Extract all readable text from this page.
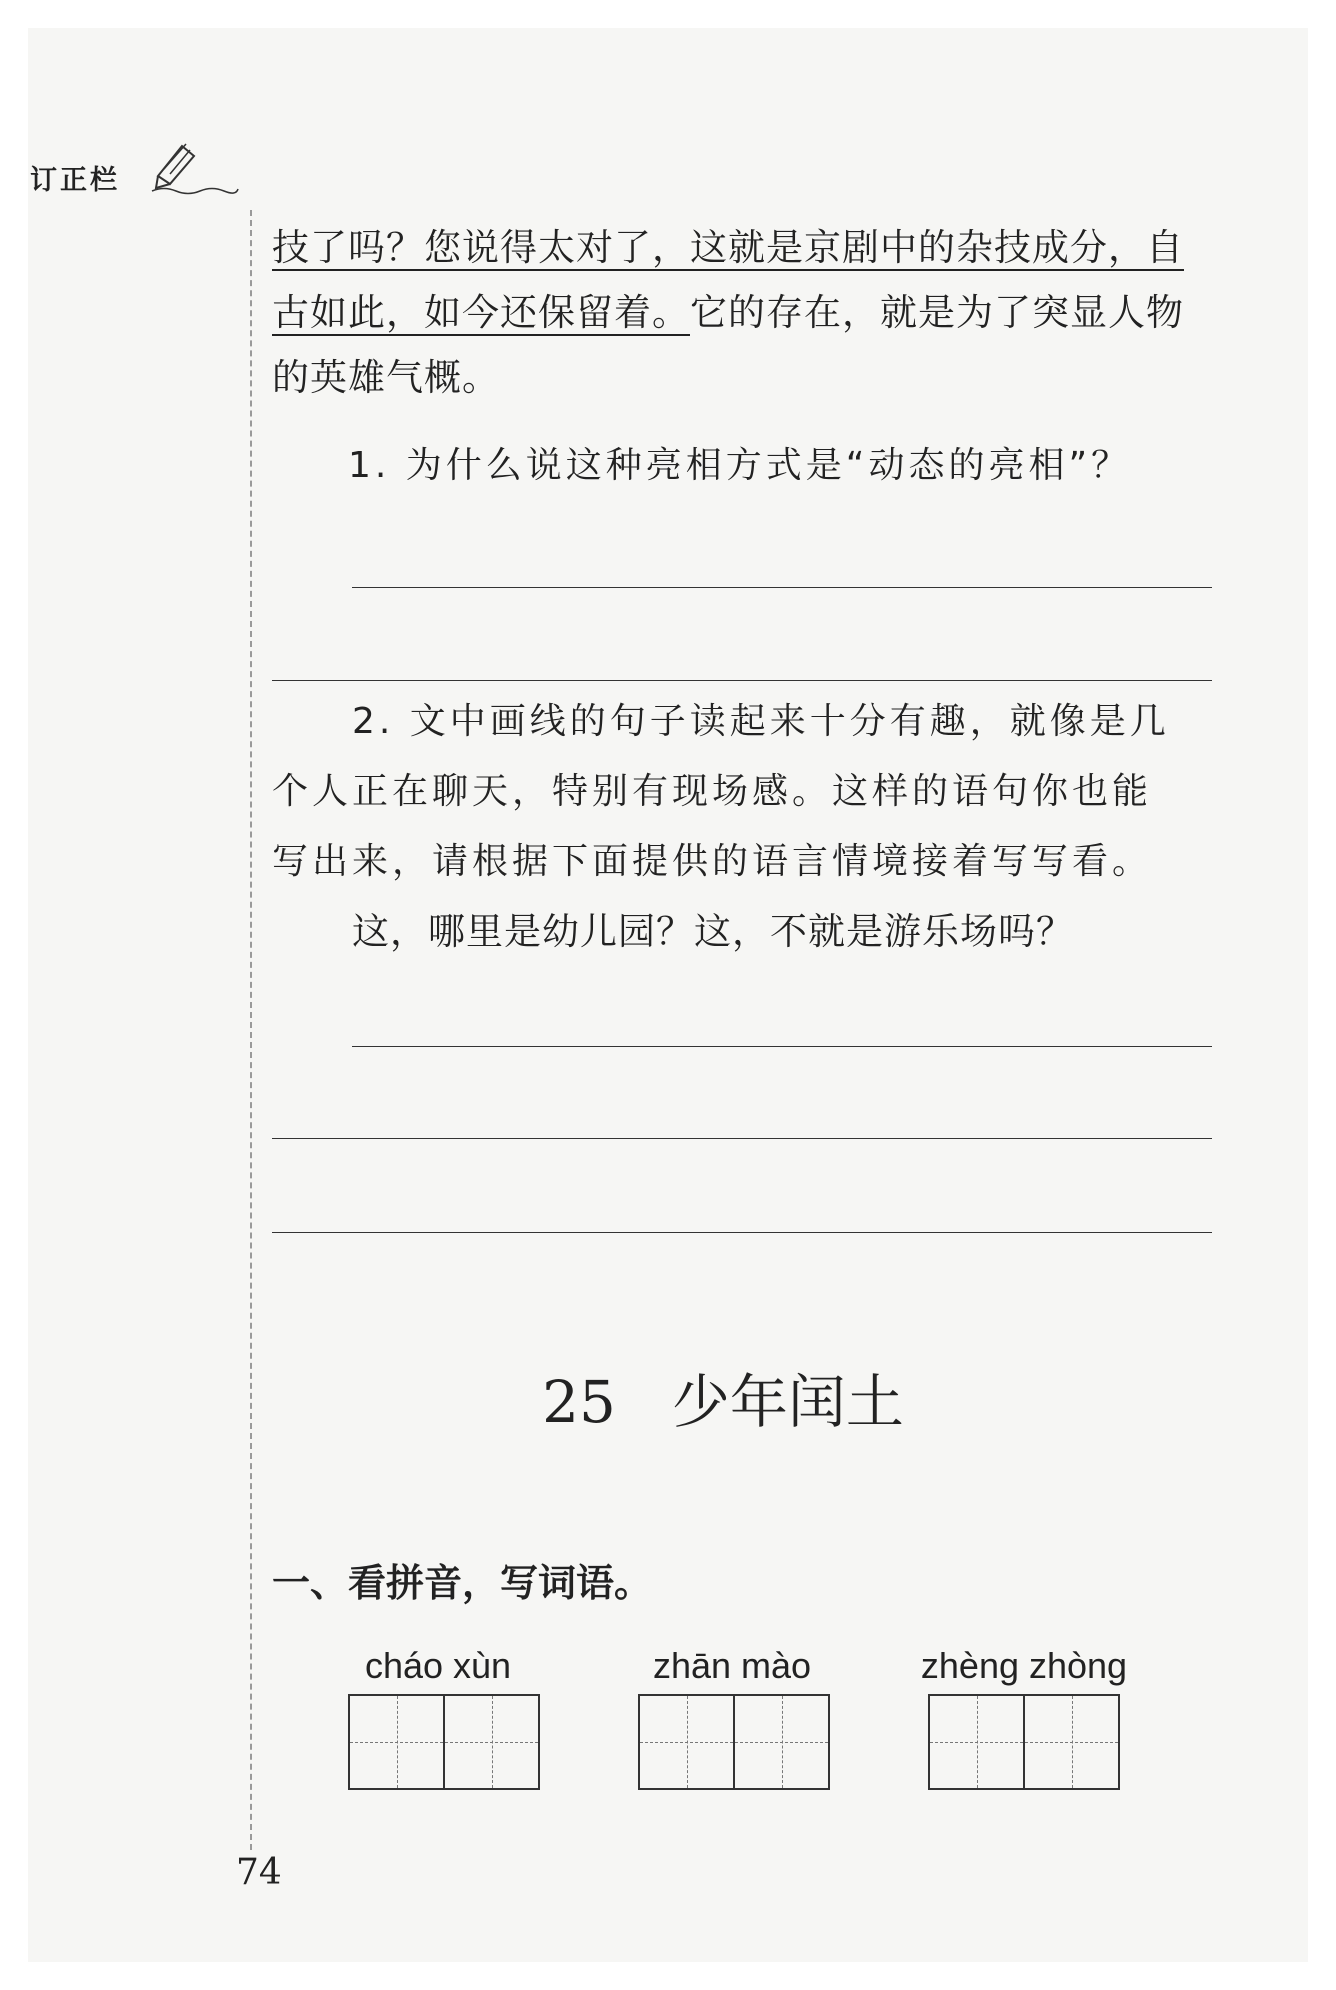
订正栏
技了吗？您说得太对了，这就是京剧中的杂技成分，自
古如此，如今还保留着。它的存在，就是为了突显人物
的英雄气概。
1. 为什么说这种亮相方式是“动态的亮相”？
2. 文中画线的句子读起来十分有趣，就像是几
个人正在聊天，特别有现场感。这样的语句你也能
写出来，请根据下面提供的语言情境接着写写看。
这，哪里是幼儿园？这，不就是游乐场吗？
25 少年闰土
一、看拼音，写词语。
cháo xùn	zhān mào	zhèng zhòng
74
